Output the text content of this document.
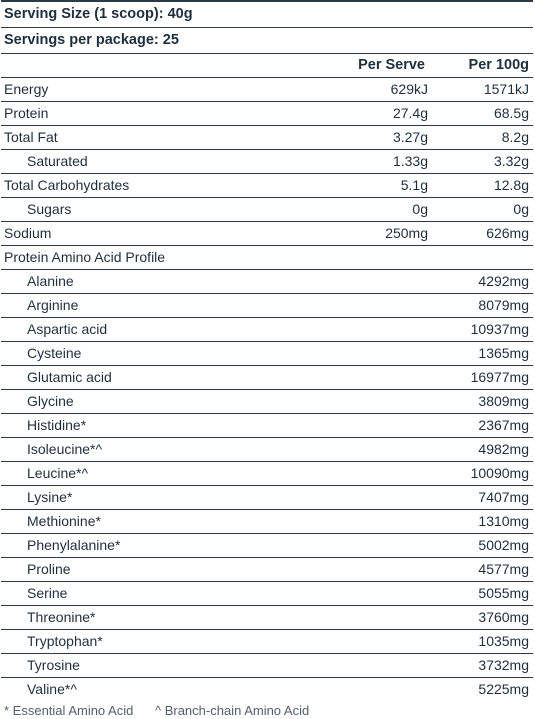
Serving Size (1 scoop): 40g
Servings per package: 25
Per Serve	Per 100g
Energy	629kJ	1571kJ
Protein	27.4g	68.5g
Total Fat	3.27g	8.2g
Saturated	1.33g	3.32g
Total Carbohydrates	5.1g	12.8g
Sugars	0g	0g
Sodium	250mg	626mg
Protein Amino Acid Profile
Alanine	4292mg
Arginine	8079mg
Aspartic acid	10937mg
Cysteine	1365mg
Glutamic acid	16977mg
Glycine	3809mg
Histidine*	2367mg
Isoleucine*^	4982mg
Leucine*^	10090mg
Lysine*	7407mg
Methionine*	1310mg
Phenylalanine*	5002mg
Proline	4577mg
Serine	5055mg
Threonine*	3760mg
Tryptophan*	1035mg
Tyrosine	3732mg
Valine*^	5225mg
* Essential Amino Acid ^ Branch-chain Amino Acid
